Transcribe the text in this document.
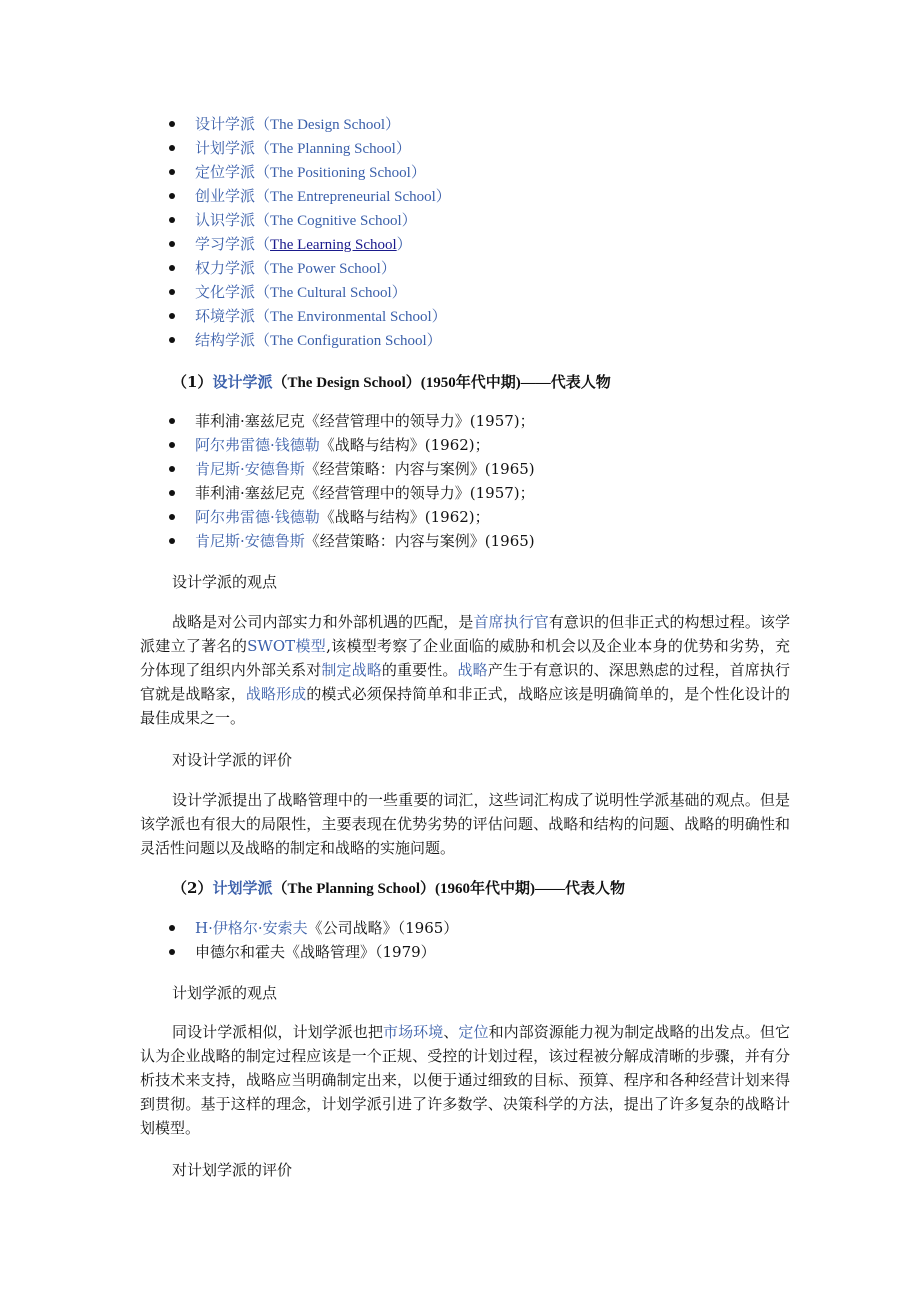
设计学派（The Design School）
计划学派（The Planning School）
定位学派（The Positioning School）
创业学派（The Entrepreneurial School）
认识学派（The Cognitive School）
学习学派（The Learning School）
权力学派（The Power School）
文化学派（The Cultural School）
环境学派（The Environmental School）
结构学派（The Configuration School）
（1）设计学派（The Design School）(1950年代中期)——代表人物
菲利浦·塞兹尼克《经营管理中的领导力》(1957)；
阿尔弗雷德·钱德勒《战略与结构》(1962)；
肯尼斯·安德鲁斯《经营策略：内容与案例》(1965)
菲利浦·塞兹尼克《经营管理中的领导力》(1957)；
阿尔弗雷德·钱德勒《战略与结构》(1962)；
肯尼斯·安德鲁斯《经营策略：内容与案例》(1965)
设计学派的观点

战略是对公司内部实力和外部机遇的匹配，是首席执行官有意识的但非正式的构想过程。该学派建立了著名的SWOT模型,该模型考察了企业面临的威胁和机会以及企业本身的优势和劣势，充分体现了组织内外部关系对制定战略的重要性。战略产生于有意识的、深思熟虑的过程，首席执行官就是战略家，战略形成的模式必须保持简单和非正式，战略应该是明确简单的，是个性化设计的最佳成果之一。

对设计学派的评价

设计学派提出了战略管理中的一些重要的词汇，这些词汇构成了说明性学派基础的观点。但是该学派也有很大的局限性，主要表现在优势劣势的评估问题、战略和结构的问题、战略的明确性和灵活性问题以及战略的制定和战略的实施问题。

（2）计划学派（The Planning School）(1960年代中期)——代表人物
H·伊格尔·安索夫《公司战略》（1965）
申德尔和霍夫《战略管理》（1979）
计划学派的观点

同设计学派相似，计划学派也把市场环境、定位和内部资源能力视为制定战略的出发点。但它认为企业战略的制定过程应该是一个正规、受控的计划过程，该过程被分解成清晰的步骤，并有分析技术来支持，战略应当明确制定出来，以便于通过细致的目标、预算、程序和各种经营计划来得到贯彻。基于这样的理念，计划学派引进了许多数学、决策科学的方法，提出了许多复杂的战略计划模型。

对计划学派的评价
